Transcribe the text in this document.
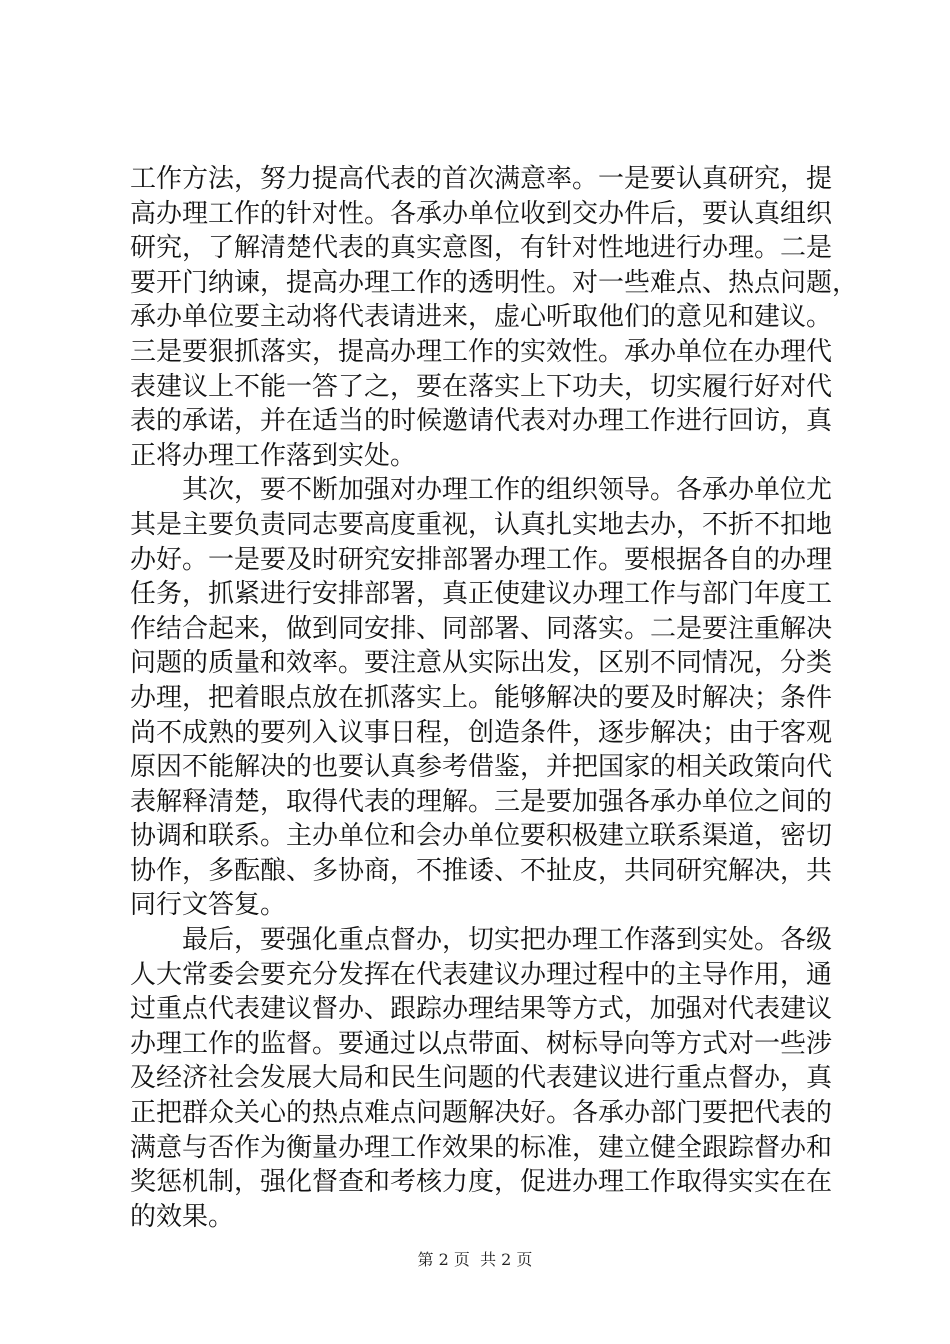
工作方法，努力提高代表的首次满意率。一是要认真研究，提
高办理工作的针对性。各承办单位收到交办件后，要认真组织
研究，了解清楚代表的真实意图，有针对性地进行办理。二是
要开门纳谏，提高办理工作的透明性。对一些难点、热点问题，
承办单位要主动将代表请进来，虚心听取他们的意见和建议。
三是要狠抓落实，提高办理工作的实效性。承办单位在办理代
表建议上不能一答了之，要在落实上下功夫，切实履行好对代
表的承诺，并在适当的时候邀请代表对办理工作进行回访，真
正将办理工作落到实处。
　　其次，要不断加强对办理工作的组织领导。各承办单位尤
其是主要负责同志要高度重视，认真扎实地去办，不折不扣地
办好。一是要及时研究安排部署办理工作。要根据各自的办理
任务，抓紧进行安排部署，真正使建议办理工作与部门年度工
作结合起来，做到同安排、同部署、同落实。二是要注重解决
问题的质量和效率。要注意从实际出发，区别不同情况，分类
办理，把着眼点放在抓落实上。能够解决的要及时解决；条件
尚不成熟的要列入议事日程，创造条件，逐步解决；由于客观
原因不能解决的也要认真参考借鉴，并把国家的相关政策向代
表解释清楚，取得代表的理解。三是要加强各承办单位之间的
协调和联系。主办单位和会办单位要积极建立联系渠道，密切
协作，多酝酿、多协商，不推诿、不扯皮，共同研究解决，共
同行文答复。
　　最后，要强化重点督办，切实把办理工作落到实处。各级
人大常委会要充分发挥在代表建议办理过程中的主导作用，通
过重点代表建议督办、跟踪办理结果等方式，加强对代表建议
办理工作的监督。要通过以点带面、树标导向等方式对一些涉
及经济社会发展大局和民生问题的代表建议进行重点督办，真
正把群众关心的热点难点问题解决好。各承办部门要把代表的
满意与否作为衡量办理工作效果的标准，建立健全跟踪督办和
奖惩机制，强化督查和考核力度，促进办理工作取得实实在在
的效果。
第 2 页  共 2 页
